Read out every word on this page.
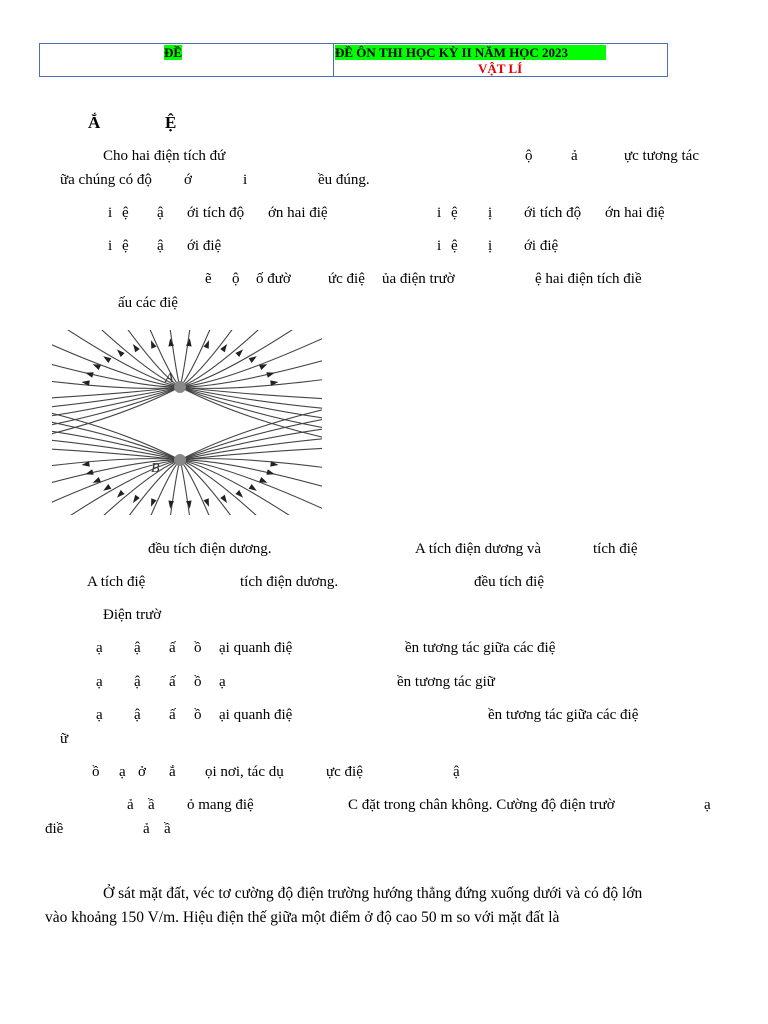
ĐỀ	ĐỀ ÔN THI HỌC KỲ II NĂM HỌC 2023
VẬT LÍ
Ắ	Ệ
Cho hai điện tích đứ	ộ	ả	ực tương tác
ữa chúng có độ ớ	i	ều đúng.
i ệ ậ ới tích độ ớn hai điệ	i ệ ị ới tích độ ớn hai điệ
i ệ ậ ới điệ	i ệ ị ới điệ
ẽ ộ ố đườ ức điệ ủa điện trườ	ệ hai điện tích điề
ấu các điệ
A
B
đều tích điện dương.	A tích điện dương và	tích điệ
A tích điệ	tích điện dương.	đều tích điệ
Điện trườ
ạ ậ ấ ồ ại quanh điệ	ền tương tác giữa các điệ
ạ ậ ấ ồ ạ	ền tương tác giữ
ạ ậ ấ ồ ại quanh điệ	ền tương tác giữa các điệ
ữ
ồ ạ ở ắ ọi nơi, tác dụ	ực điệ	ậ
ả ầ ỏ mang điệ	C đặt trong chân không. Cường độ điện trườ	ạ
điề	ả ầ
Ở sát mặt đất, véc tơ cường độ điện trường hướng thẳng đứng xuống dưới và có độ lớn
vào khoảng 150 V/m. Hiệu điện thế giữa một điểm ở độ cao 50 m so với mặt đất là
